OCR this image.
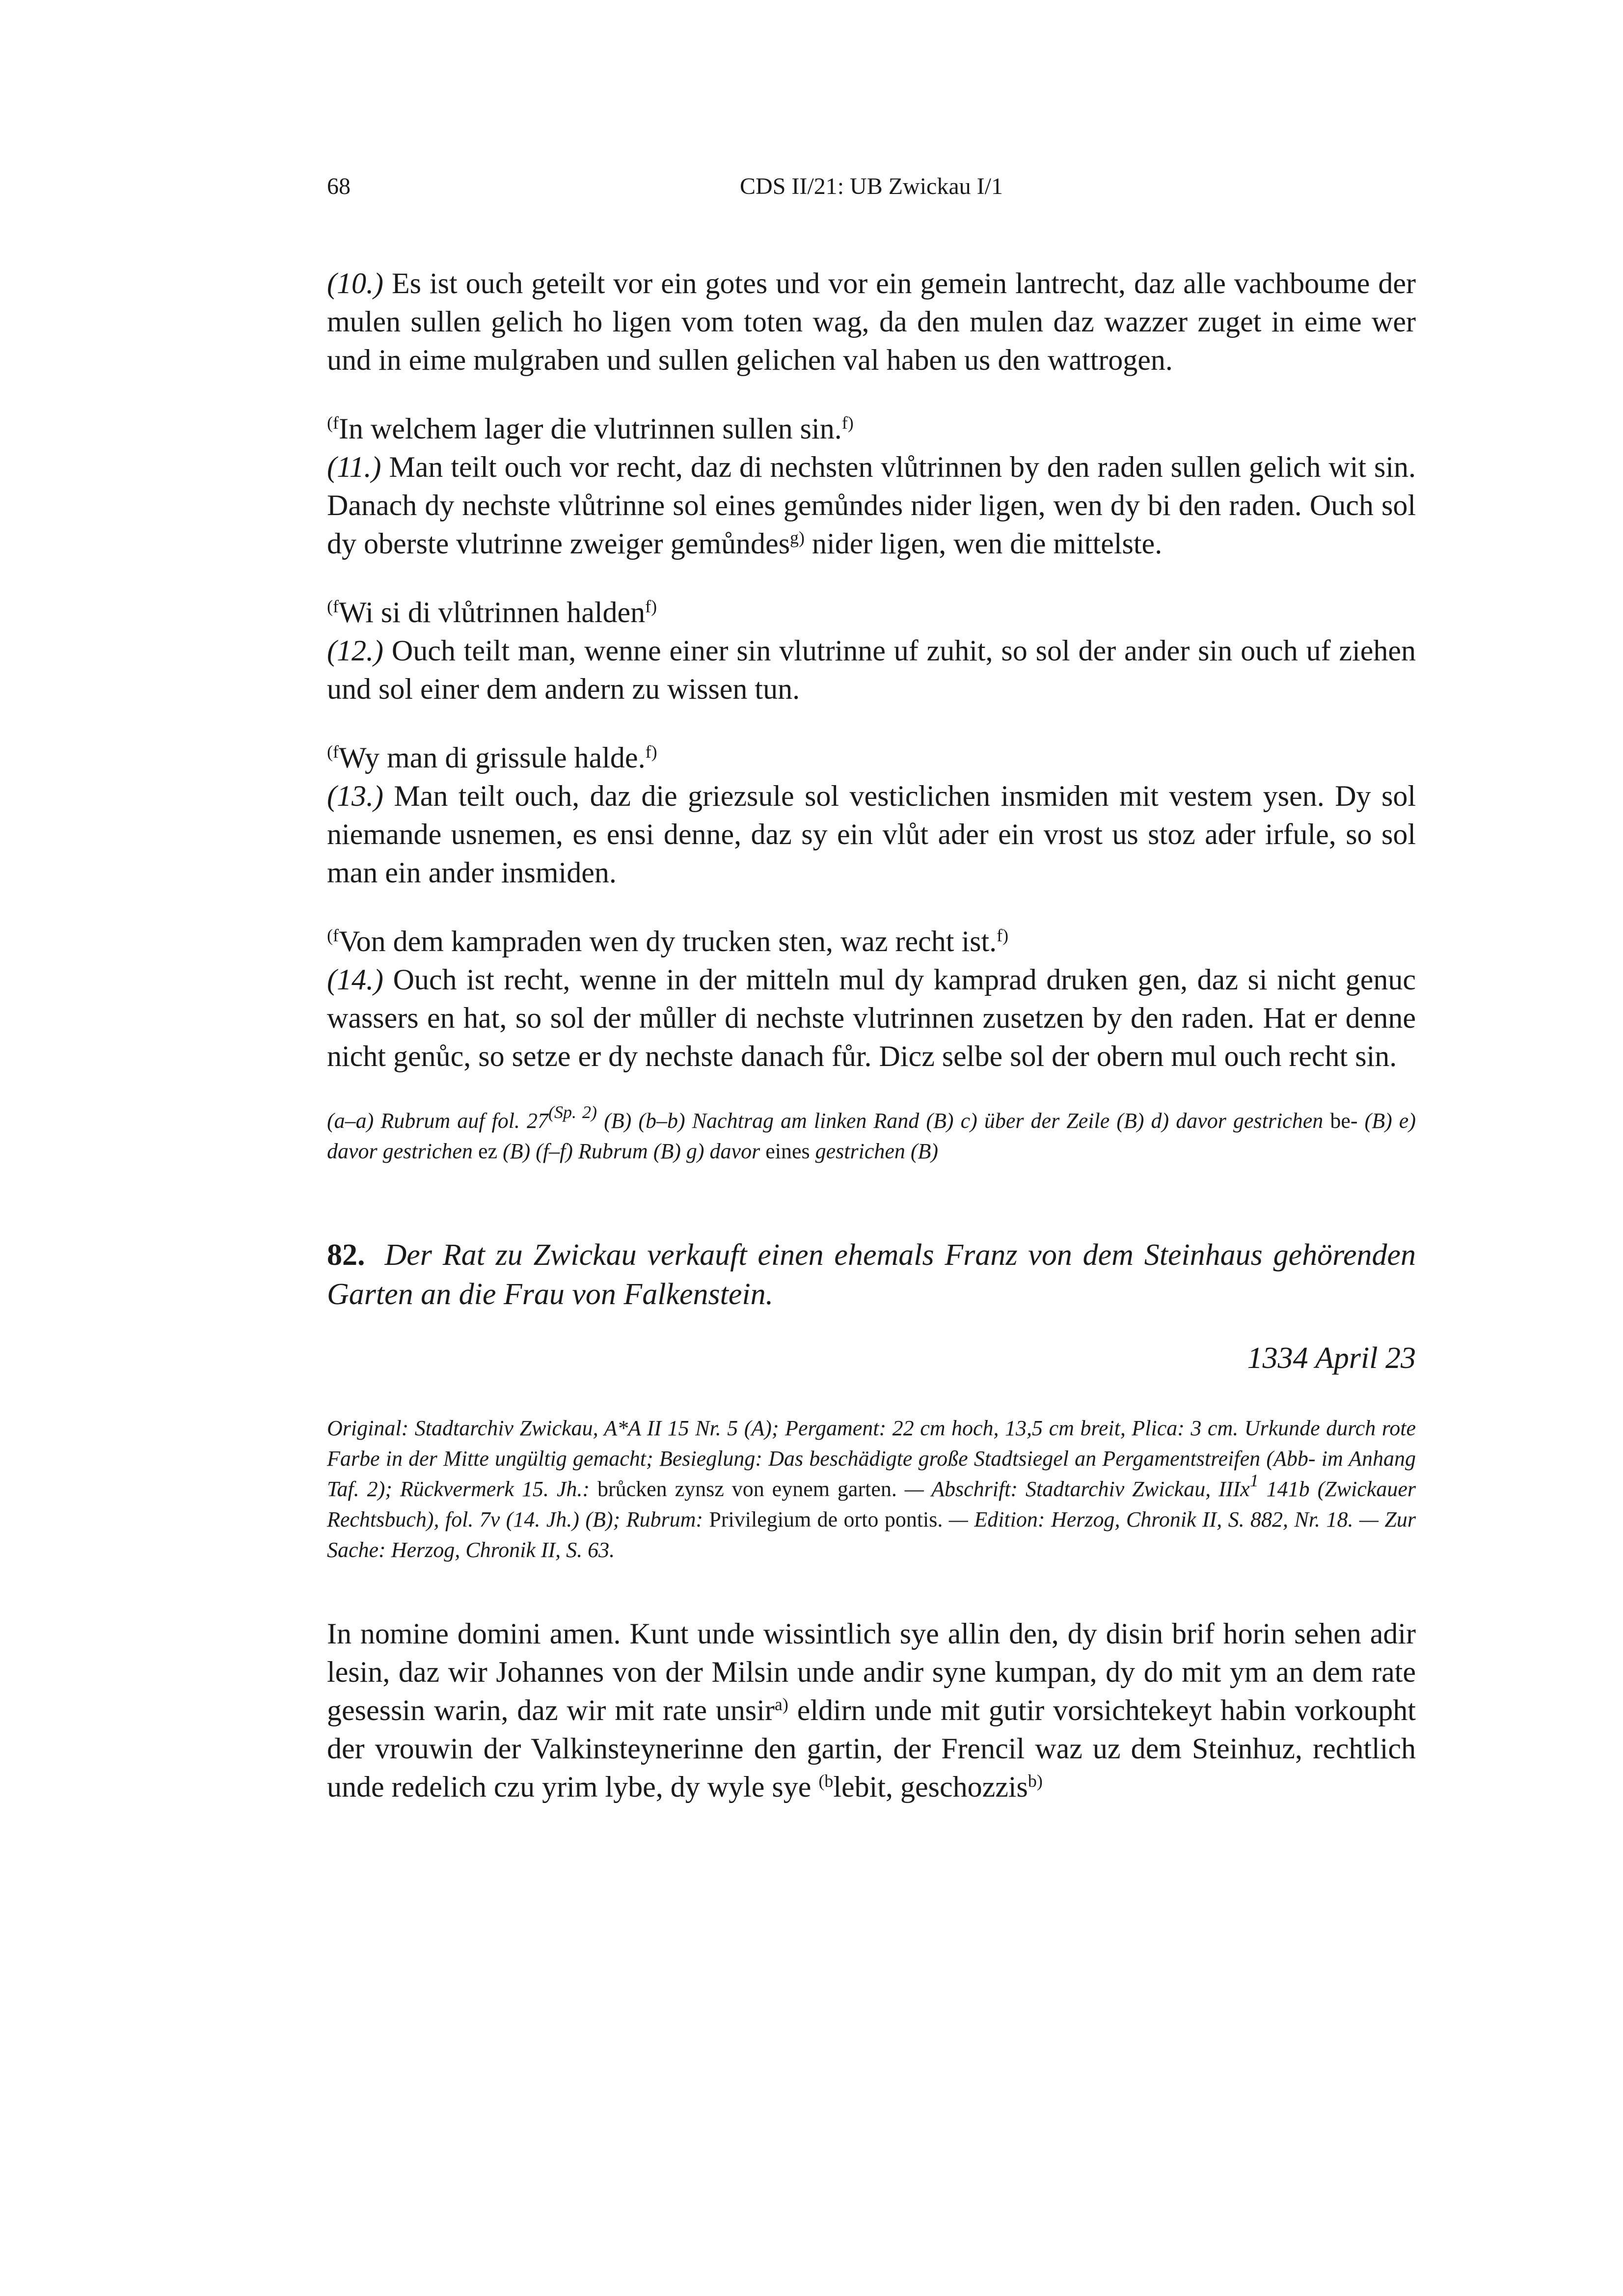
68	CDS II/21: UB Zwickau I/1

(10.) Es ist ouch geteilt vor ein gotes und vor ein gemein lantrecht, daz alle vachboume der mulen sullen gelich ho ligen vom toten wag, da den mulen daz wazzer zuget in eime wer und in eime mulgraben und sullen gelichen val haben us den wattrogen.

$^{(f}$In welchem lager die vlutrinnen sullen sin.$^{f)}$

(11.) Man teilt ouch vor recht, daz di nechsten vlůtrinnen by den raden sullen gelich wit sin. Danach dy nechste vlůtrinne sol eines gemůndes nider ligen, wen dy bi den raden. Ouch sol dy oberste vlutrinne zweiger gemůndes$^{g)}$ nider ligen, wen die mittelste.

$^{(f}$Wi si di vlůtrinnen halden$^{f)}$

(12.) Ouch teilt man, wenne einer sin vlutrinne uf zuhit, so sol der ander sin ouch uf ziehen und sol einer dem andern zu wissen tun.

$^{(f}$Wy man di grissule halde.$^{f)}$

(13.) Man teilt ouch, daz die griezsule sol vesticlichen insmiden mit vestem ysen. Dy sol niemande usnemen, es ensi denne, daz sy ein vlůt ader ein vrost us stoz ader irfule, so sol man ein ander insmiden.

$^{(f}$Von dem kampraden wen dy trucken sten, waz recht ist.$^{f)}$

(14.) Ouch ist recht, wenne in der mitteln mul dy kamprad druken gen, daz si nicht genuc wassers en hat, so sol der můller di nechste vlutrinnen zusetzen by den raden. Hat er denne nicht genůc, so setze er dy nechste danach fůr. Dicz selbe sol der obern mul ouch recht sin.

(a–a) Rubrum auf fol. $27^{(Sp. 2)}$ (B) (b–b) Nachtrag am linken Rand (B) c) über der Zeile (B) d) davor gestrichen be- (B) e) davor gestrichen ez (B) (f–f) Rubrum (B) g) davor eines gestrichen (B)

82. Der Rat zu Zwickau verkauft einen ehemals Franz von dem Steinhaus gehörenden Garten an die Frau von Falkenstein.

1334 April 23

Original: Stadtarchiv Zwickau, A*A II 15 Nr. 5 (A); Pergament: 22 cm hoch, 13,5 cm breit, Plica: 3 cm. Urkunde durch rote Farbe in der Mitte ungültig gemacht; Besieglung: Das beschädigte große Stadtsiegel an Pergamentstreifen (Abb- im Anhang Taf. 2); Rückvermerk 15. Jh.: brůcken zynsz von eynem garten. — Abschrift: Stadtarchiv Zwickau, IIIx$^1$ 141b (Zwickauer Rechtsbuch), fol. 7v (14. Jh.) (B); Rubrum: Privilegium de orto pontis. — Edition: Herzog, Chronik II, S. 882, Nr. 18. — Zur Sache: Herzog, Chronik II, S. 63.

In nomine domini amen. Kunt unde wissintlich sye allin den, dy disin brif horin sehen adir lesin, daz wir Johannes von der Milsin unde andir syne kumpan, dy do mit ym an dem rate gesessin warin, daz wir mit rate unsir$^{a)}$ eldirn unde mit gutir vorsichtekeyt habin vorkoupht der vrouwin der Valkinsteynerinne den gartin, der Frencil waz uz dem Steinhuz, rechtlich unde redelich czu yrim lybe, dy wyle sye $^{(b}$lebit, geschozzis$^{b)}$
